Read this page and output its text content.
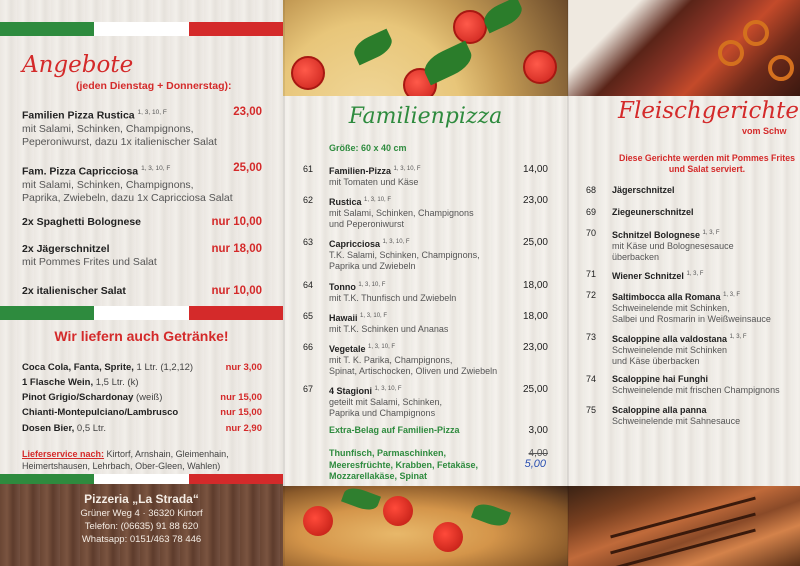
Angebote
(jeden Dienstag + Donnerstag):
Familien Pizza Rustica $^{1, 3, 10, F}$
mit Salami, Schinken, Champignons,
Peperoniwurst, dazu 1x italienischer Salat
23,00
Fam. Pizza Capricciosa $^{1, 3, 10, F}$
mit Salami, Schinken, Champignons,
Paprika, Zwiebeln, dazu 1x Capricciosa Salat
25,00
2x Spaghetti Bolognese	nur 10,00
2x Jägerschnitzel
mit Pommes Frites und Salat
nur 18,00
2x italienischer Salat	nur 10,00
Wir liefern auch Getränke!
Coca Cola, Fanta, Sprite, 1 Ltr. (1,2,12)	nur 3,00
1 Flasche Wein, 1,5 Ltr. (k)
Pinot Grigio/Schardonay (weiß)	nur 15,00
Chianti-Montepulciano/Lambrusco	nur 15,00
Dosen Bier, 0,5 Ltr.	nur 2,90
Lieferservice nach: Kirtorf, Arnshain, Gleimenhain, Heimertshausen, Lehrbach, Ober-Gleen, Wahlen)
Pizzeria „La Strada“
Grüner Weg 4 · 36320 Kirtorf
Telefon: (06635) 91 88 620
Whatsapp: 0151/463 78 446
Familienpizza
Größe: 60 x 40 cm
61 Familien-Pizza $^{1, 3, 10, F}$
mit Tomaten und Käse
14,00
62 Rustica $^{1, 3, 10, F}$
mit Salami, Schinken, Champignons
und Peperoniwurst
23,00
63 Capricciosa $^{1, 3, 10, F}$
T.K. Salami, Schinken, Champignons,
Paprika und Zwiebeln
25,00
64 Tonno $^{1, 3, 10, F}$
mit T.K. Thunfisch und Zwiebeln
18,00
65 Hawaii $^{1, 3, 10, F}$
mit T.K. Schinken und Ananas
18,00
66 Vegetale $^{1, 3, 10, F}$
mit T. K. Parika, Champignons,
Spinat, Artischocken, Oliven und Zwiebeln
23,00
67 4 Stagioni $^{1, 3, 10, F}$
geteilt mit Salami, Schinken,
Paprika und Champignons
25,00
Extra-Belag auf Familien-Pizza	3,00
Thunfisch, Parmaschinken,
Meeresfrüchte, Krabben, Fetakäse,
Mozzarellakäse, Spinat
4,00
5,00
Fleischgerichte
vom Schw
Diese Gerichte werden mit Pommes Frites
und Salat serviert.
68 Jägerschnitzel
69 Ziegeunerschnitzel
70 Schnitzel Bolognese $^{1, 3, F}$
mit Käse und Bolognesesauce
überbacken
71 Wiener Schnitzel $^{1, 3, F}$
72 Saltimbocca alla Romana $^{1, 3, F}$
Schweinelende mit Schinken,
Salbei und Rosmarin in Weißweinsauce
73 Scaloppine alla valdostana $^{1, 3, F}$
Schweinelende mit Schinken
und Käse überbacken
74 Scaloppine hai Funghi
Schweinelende mit frischen Champignons
75 Scaloppine alla panna
Schweinelende mit Sahnesauce
